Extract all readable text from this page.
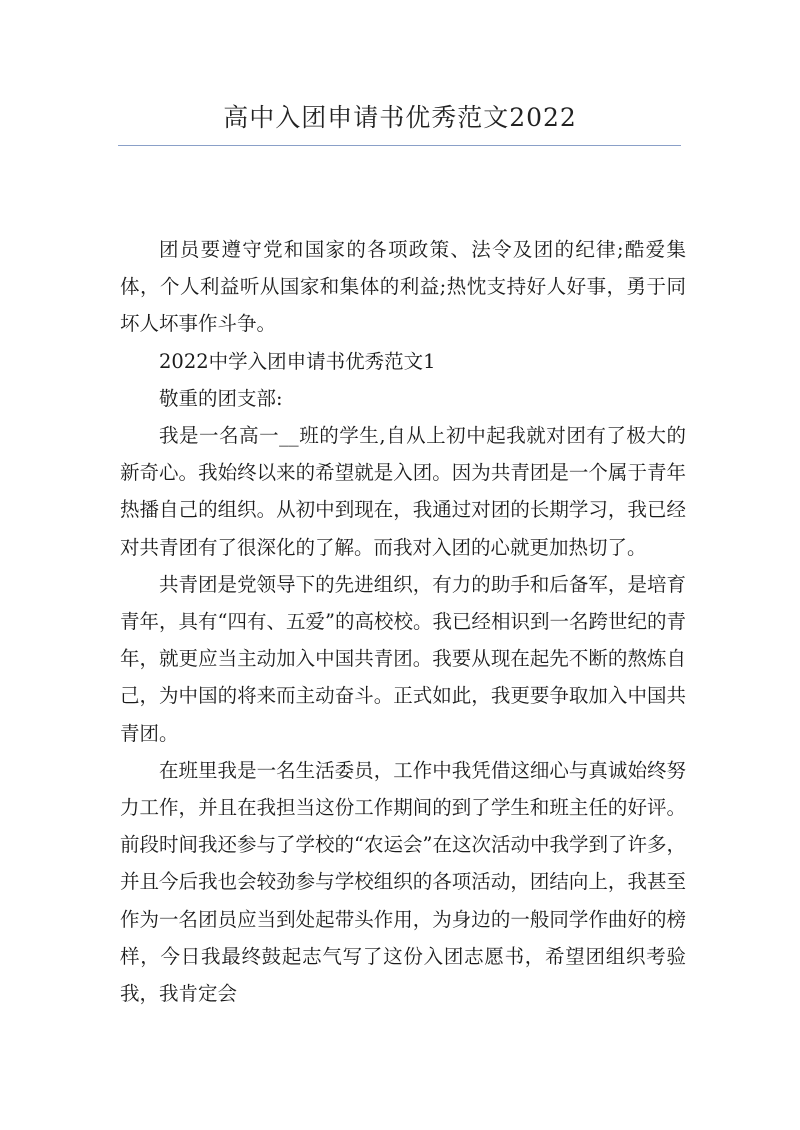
高中入团申请书优秀范文2022

团员要遵守党和国家的各项政策、法令及团的纪律;酷爱集体，个人利益听从国家和集体的利益;热忱支持好人好事，勇于同坏人坏事作斗争。

2022中学入团申请书优秀范文1

敬重的团支部:

我是一名高一__班的学生,自从上初中起我就对团有了极大的新奇心。我始终以来的希望就是入团。因为共青团是一个属于青年热播自己的组织。从初中到现在，我通过对团的长期学习，我已经对共青团有了很深化的了解。而我对入团的心就更加热切了。

共青团是党领导下的先进组织，有力的助手和后备军，是培育青年，具有“四有、五爱”的高校校。我已经相识到一名跨世纪的青年，就更应当主动加入中国共青团。我要从现在起先不断的熬炼自己，为中国的将来而主动奋斗。正式如此，我更要争取加入中国共青团。

在班里我是一名生活委员，工作中我凭借这细心与真诚始终努力工作，并且在我担当这份工作期间的到了学生和班主任的好评。前段时间我还参与了学校的“农运会”在这次活动中我学到了许多，并且今后我也会较劲参与学校组织的各项活动，团结向上，我甚至作为一名团员应当到处起带头作用，为身边的一般同学作曲好的榜样，今日我最终鼓起志气写了这份入团志愿书，希望团组织考验我，我肯定会
